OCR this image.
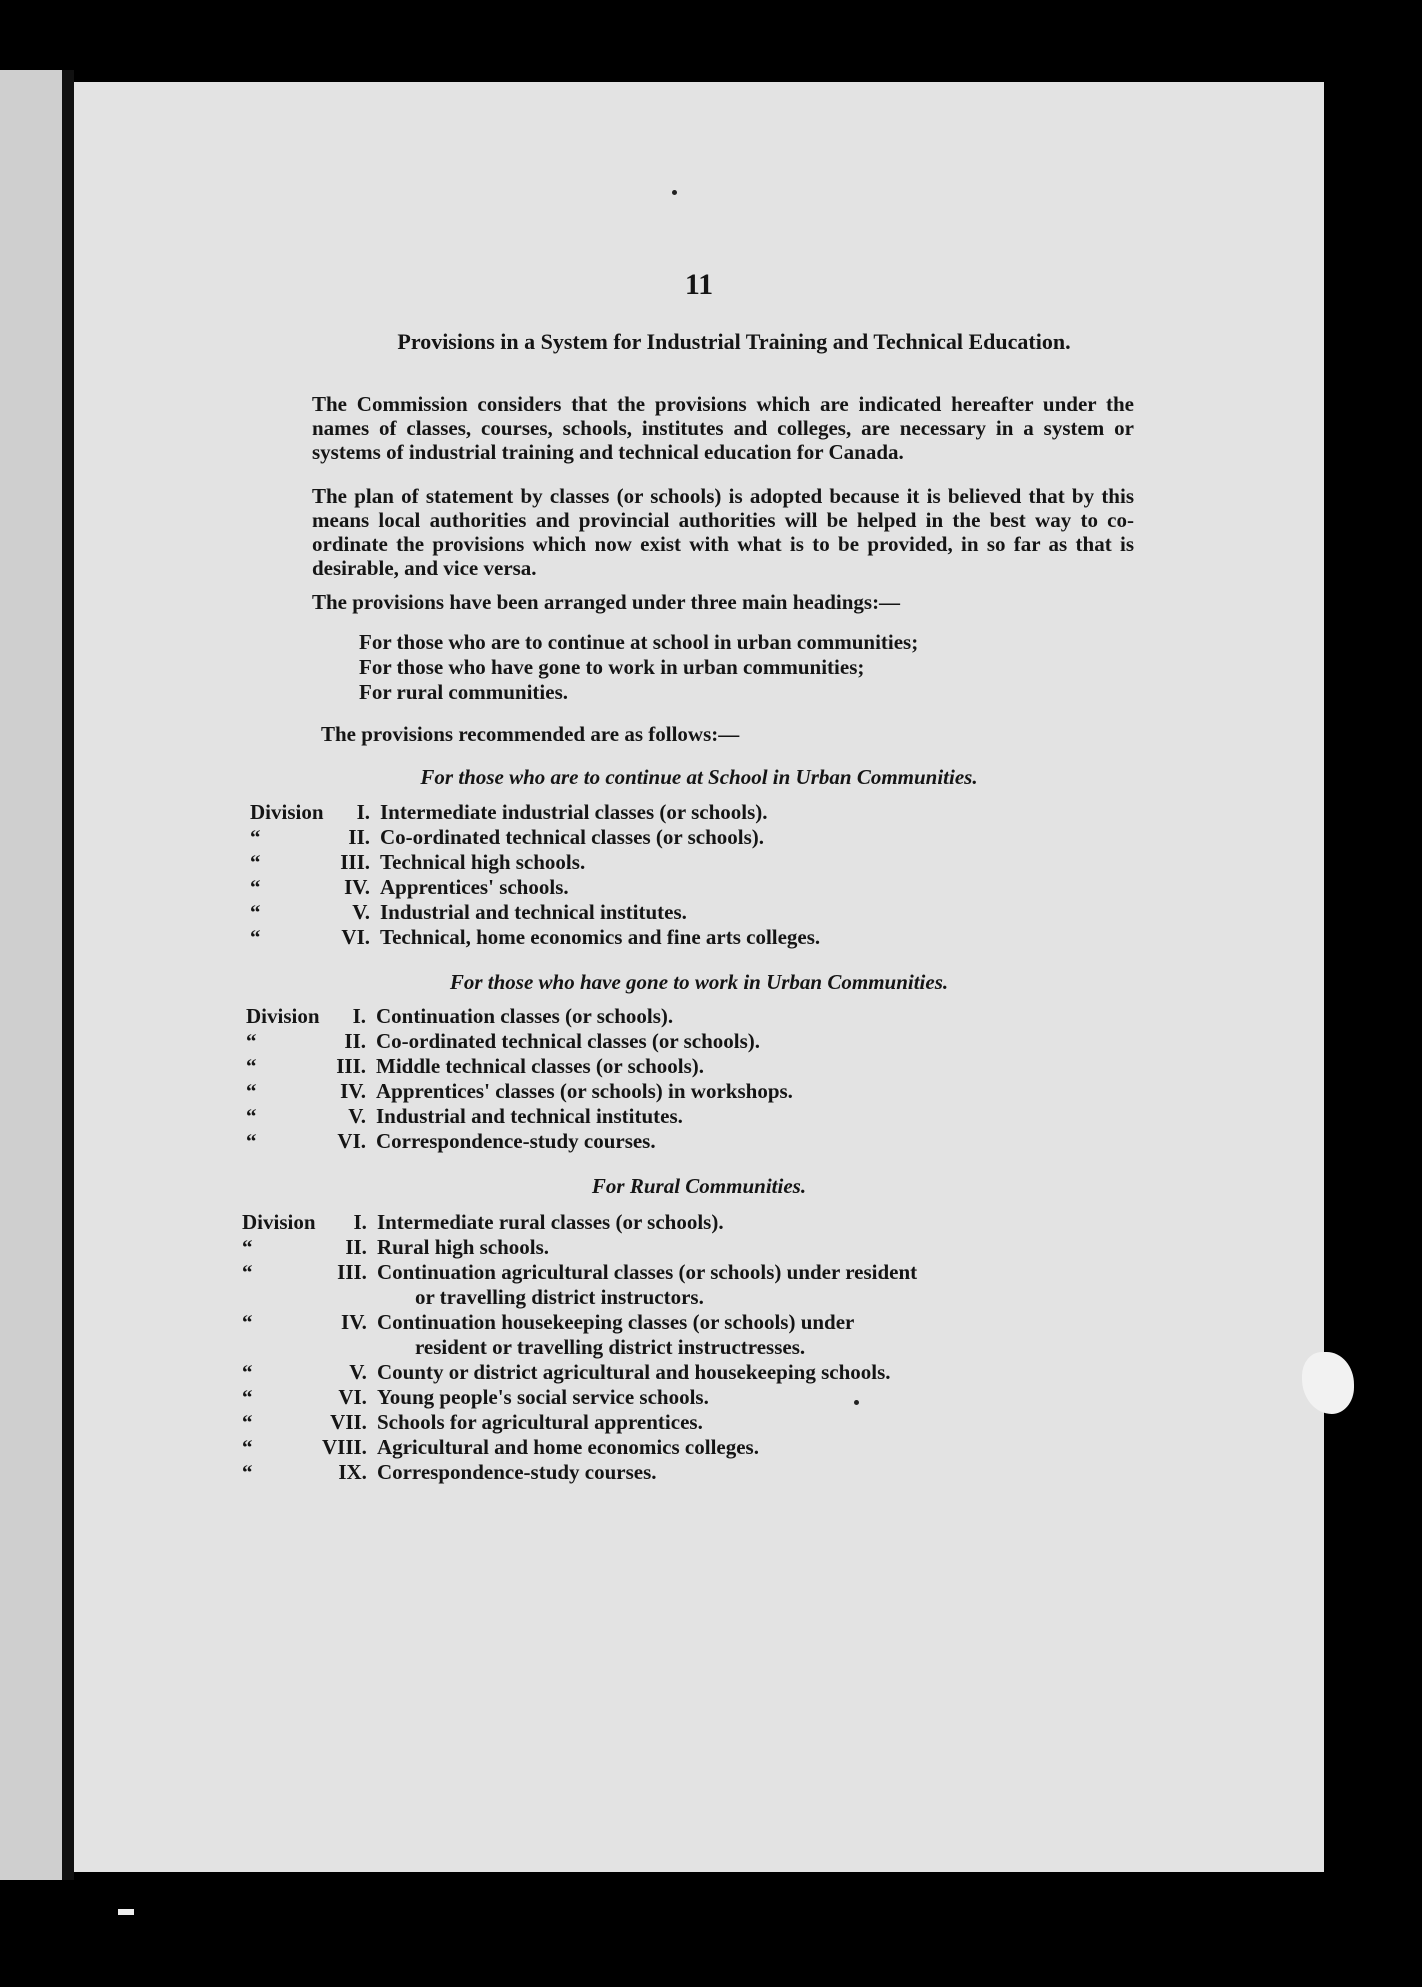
11
Provisions in a System for Industrial Training and Technical Education.
The Commission considers that the provisions which are indicated hereafter under the names of classes, courses, schools, institutes and colleges, are necessary in a system or systems of industrial training and technical education for Canada.
The plan of statement by classes (or schools) is adopted because it is believed that by this means local authorities and provincial authorities will be helped in the best way to co-ordinate the provisions which now exist with what is to be provided, in so far as that is desirable, and vice versa.
The provisions have been arranged under three main headings:—
For those who are to continue at school in urban communities;
For those who have gone to work in urban communities;
For rural communities.
The provisions recommended are as follows:—
For those who are to continue at School in Urban Communities.
Division	I.	Intermediate industrial classes (or schools).
“	II.	Co-ordinated technical classes (or schools).
“	III.	Technical high schools.
“	IV.	Apprentices' schools.
“	V.	Industrial and technical institutes.
“	VI.	Technical, home economics and fine arts colleges.
For those who have gone to work in Urban Communities.
Division	I.	Continuation classes (or schools).
“	II.	Co-ordinated technical classes (or schools).
“	III.	Middle technical classes (or schools).
“	IV.	Apprentices' classes (or schools) in workshops.
“	V.	Industrial and technical institutes.
“	VI.	Correspondence-study courses.
For Rural Communities.
Division	I.	Intermediate rural classes (or schools).
“	II.	Rural high schools.
“	III.	Continuation agricultural classes (or schools) under resident
or travelling district instructors.

“	IV.	Continuation housekeeping classes (or schools) under
resident or travelling district instructresses.

“	V.	County or district agricultural and housekeeping schools.
“	VI.	Young people's social service schools.
“	VII.	Schools for agricultural apprentices.
“	VIII.	Agricultural and home economics colleges.
“	IX.	Correspondence-study courses.
